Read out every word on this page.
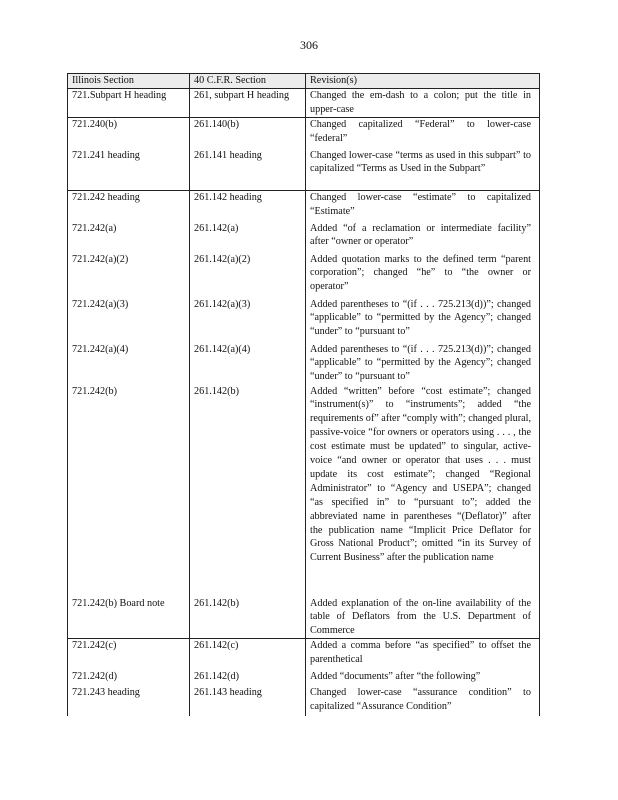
306
Illinois Section	40 C.F.R. Section	Revision(s)

721.Subpart H heading	261, subpart H heading	Changed the em-dash to a colon; put the title in upper-case

721.240(b)	261.140(b)	Changed capitalized “Federal” to lower-case “federal”

721.241 heading	261.141 heading	Changed lower-case “terms as used in this subpart” to capitalized “Terms as Used in the Subpart”

721.242 heading	261.142 heading	Changed lower-case “estimate” to capitalized “Estimate”

721.242(a)	261.142(a)	Added “of a reclamation or intermediate facility” after “owner or operator”

721.242(a)(2)	261.142(a)(2)	Added quotation marks to the defined term “parent corporation”; changed “he” to “the owner or operator”

721.242(a)(3)	261.142(a)(3)	Added parentheses to “(if . . . 725.213(d))”; changed “applicable” to “permitted by the Agency”; changed “under” to “pursuant to”

721.242(a)(4)	261.142(a)(4)	Added parentheses to “(if . . . 725.213(d))”; changed “applicable” to “permitted by the Agency”; changed “under” to “pursuant to”

721.242(b)	261.142(b)	Added “written” before “cost estimate”; changed “instrument(s)” to “instruments”; added “the requirements of” after “comply with”; changed plural, passive-voice “for owners or operators using . . . , the cost estimate must be updated” to singular, active-voice “and owner or operator that uses . . . must update its cost estimate”; changed “Regional Administrator” to “Agency and USEPA”; changed “as specified in” to “pursuant to”; added the abbreviated name in parentheses “(Deflator)” after the publication name “Implicit Price Deflator for Gross National Product”; omitted “in its Survey of Current Business” after the publication name

721.242(b) Board note	261.142(b)	Added explanation of the on-line availability of the table of Deflators from the U.S. Department of Commerce

721.242(c)	261.142(c)	Added a comma before “as specified” to offset the parenthetical

721.242(d)	261.142(d)	Added “documents” after “the following”

721.243 heading	261.143 heading	Changed lower-case “assurance condition” to capitalized “Assurance Condition”
